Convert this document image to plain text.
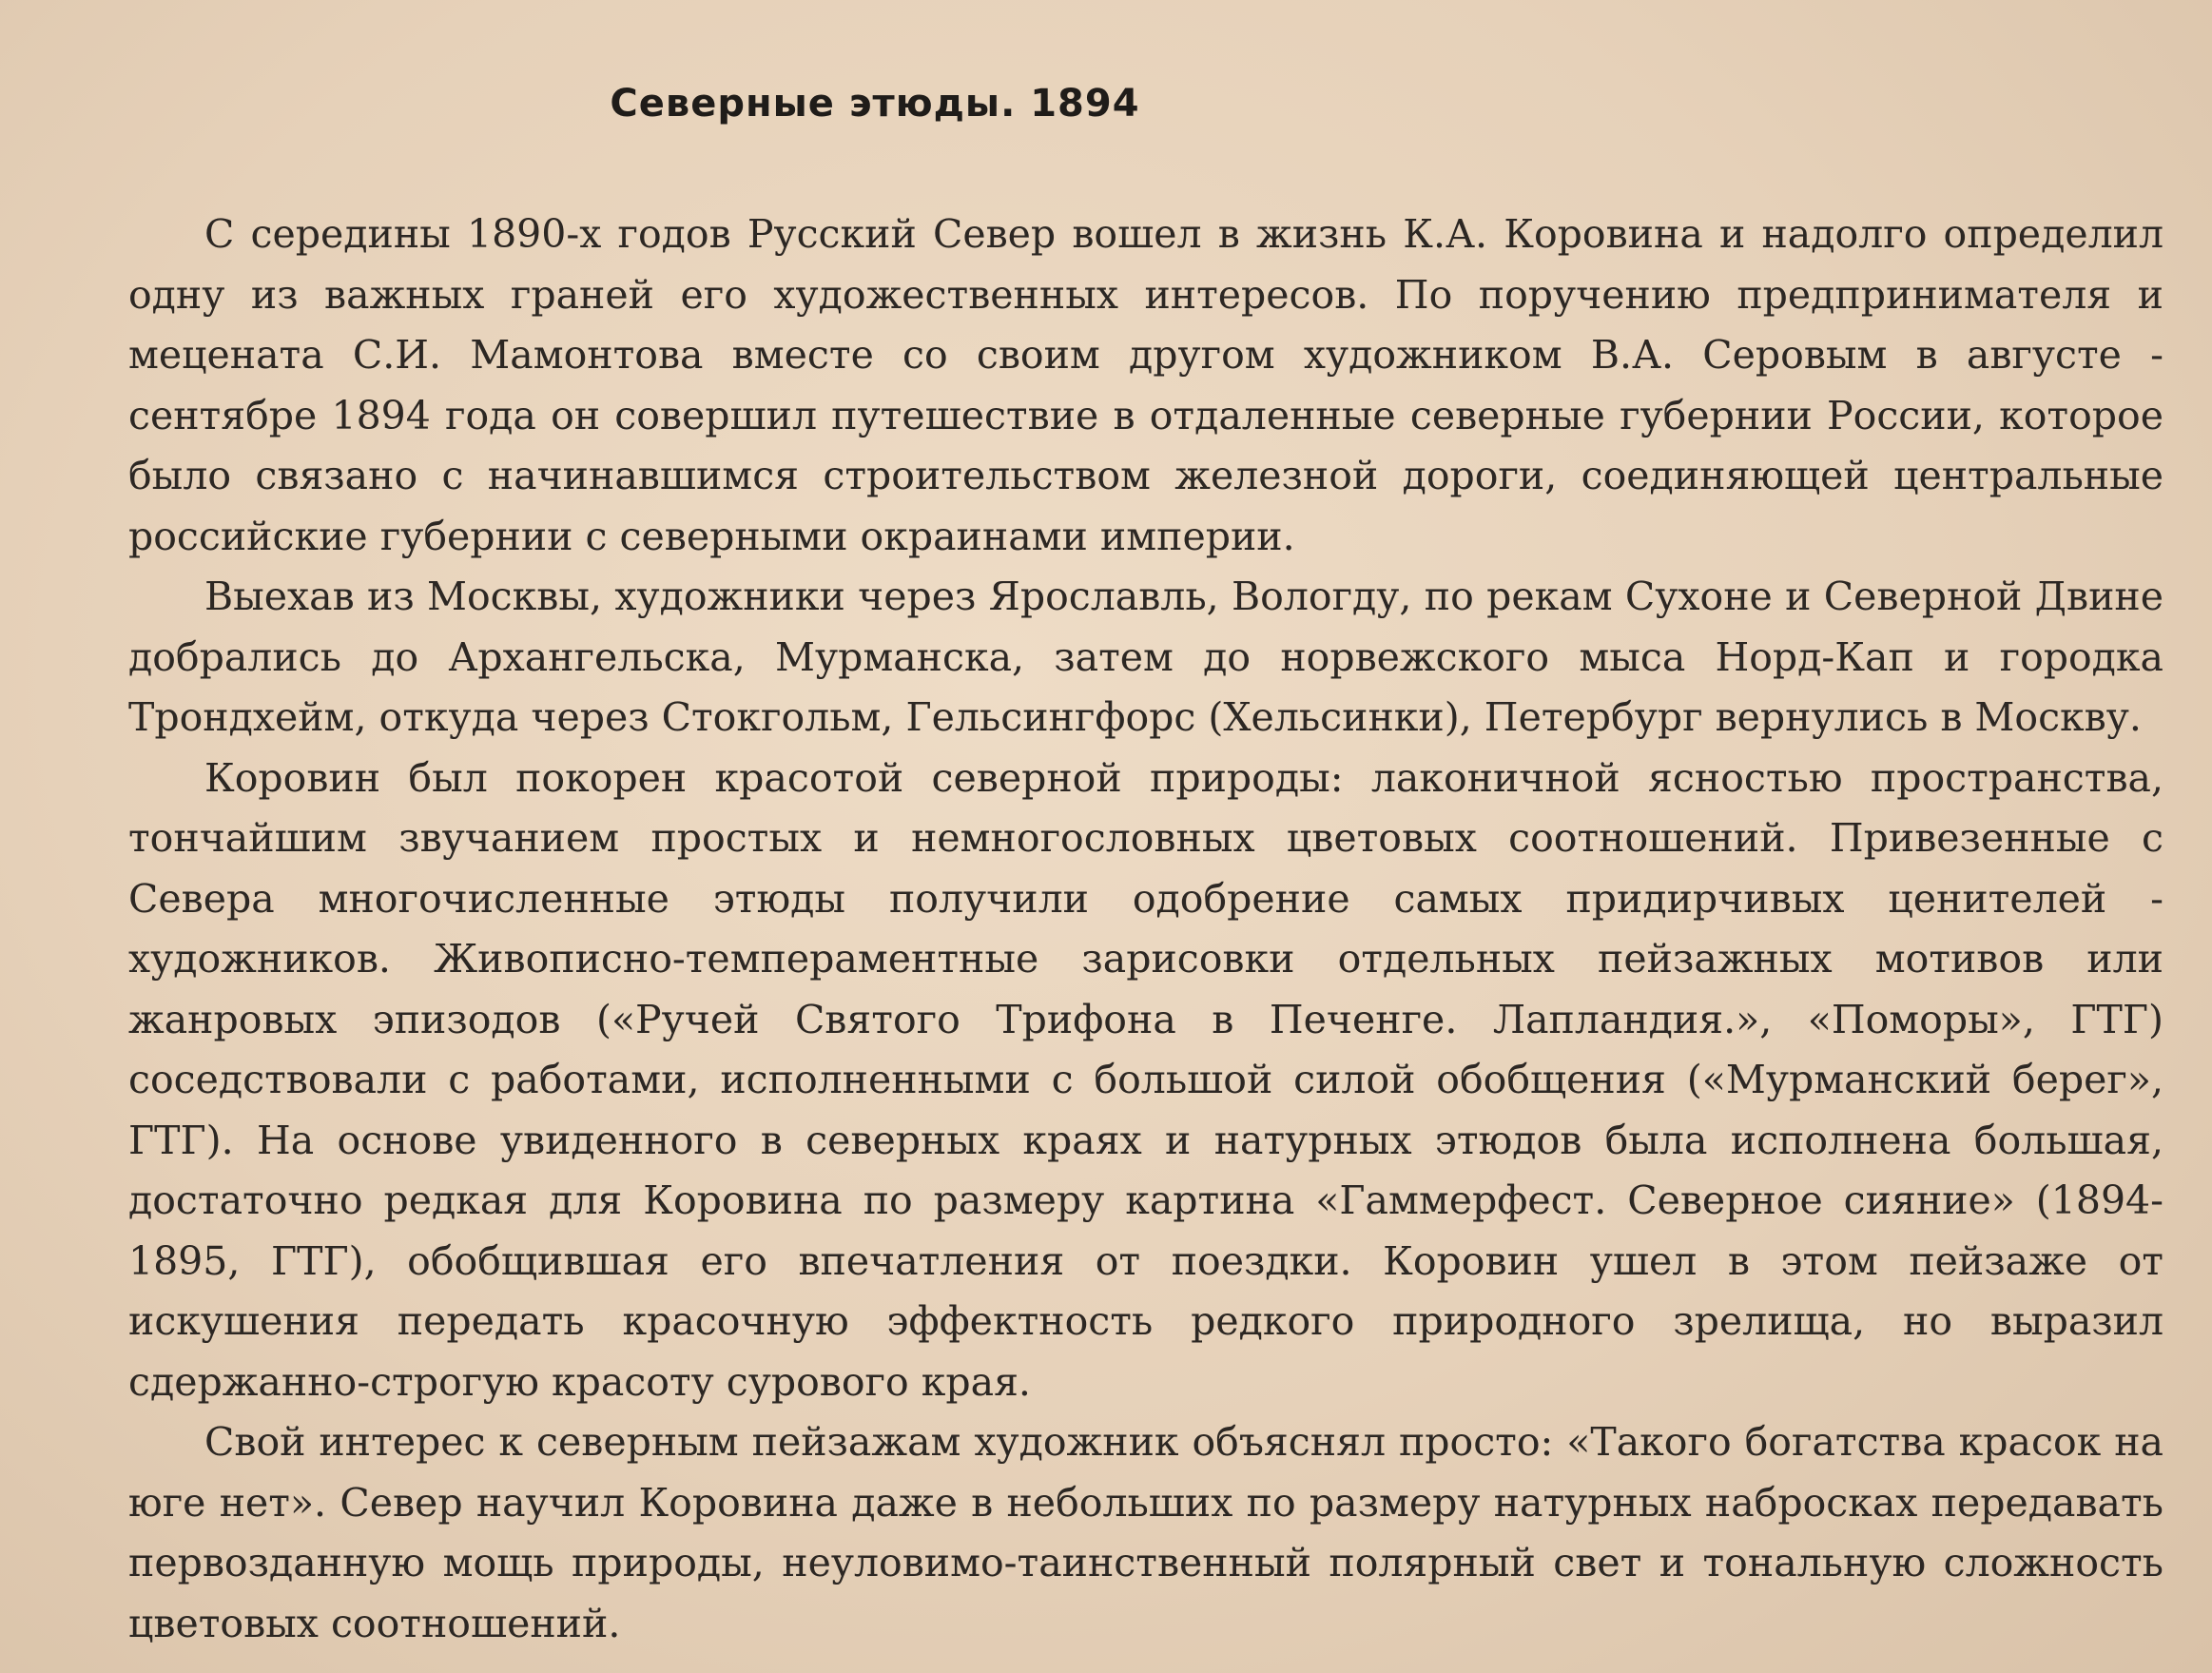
Северные этюды. 1894

С середины 1890-х годов Русский Север вошел в жизнь К.А. Коровина и надолго определил одну из важных граней его художественных интересов. По поручению предпринимателя и мецената С.И. Мамонтова вместе со своим другом художником В.А. Серовым в августе - сентябре 1894 года он совершил путешествие в отдаленные северные губернии России, которое было связано с начинавшимся строительством железной дороги, соединяющей центральные российские губернии с северными окраинами империи.

Выехав из Москвы, художники через Ярославль, Вологду, по рекам Сухоне и Северной Двине добрались до Архангельска, Мурманска, затем до норвежского мыса Норд-Кап и городка Трондхейм, откуда через Стокгольм, Гельсингфорс (Хельсинки), Петербург вернулись в Москву.

Коровин был покорен красотой северной природы: лаконичной ясностью пространства, тончайшим звучанием простых и немногословных цветовых соотношений. Привезенные с Севера многочисленные этюды получили одобрение самых придирчивых ценителей - художников. Живописно-темпераментные зарисовки отдельных пейзажных мотивов или жанровых эпизодов («Ручей Святого Трифона в Печенге. Лапландия.», «Поморы», ГТГ) соседствовали с работами, исполненными с большой силой обобщения («Мурманский берег», ГТГ). На основе увиденного в северных краях и натурных этюдов была исполнена большая, достаточно редкая для Коровина по размеру картина «Гаммерфест. Северное сияние» (1894-1895, ГТГ), обобщившая его впечатления от поездки. Коровин ушел в этом пейзаже от искушения передать красочную эффектность редкого природного зрелища, но выразил сдержанно-строгую красоту сурового края.

Свой интерес к северным пейзажам художник объяснял просто: «Такого богатства красок на юге нет». Север научил Коровина даже в небольших по размеру натурных набросках передавать первозданную мощь природы, неуловимо-таинственный полярный свет и тональную сложность цветовых соотношений.
